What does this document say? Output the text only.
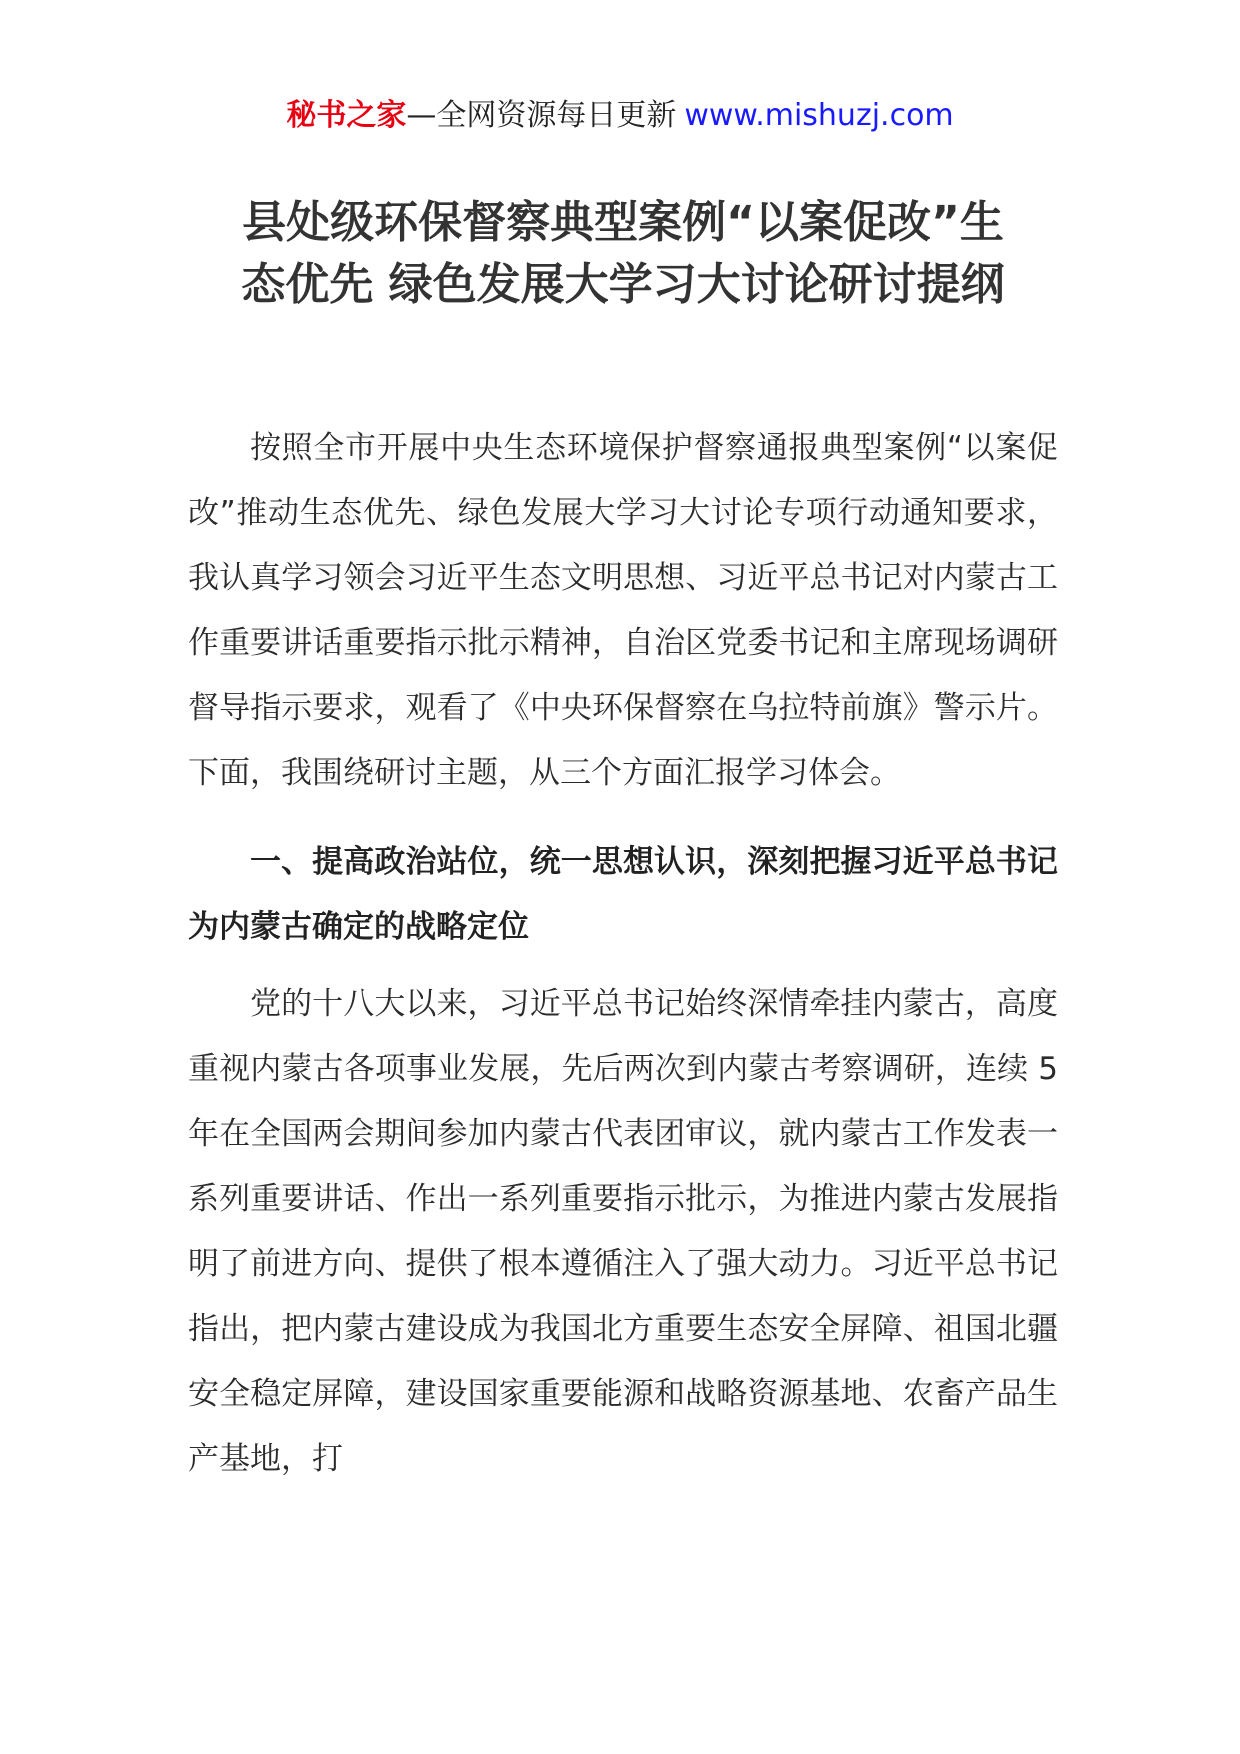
秘书之家—全网资源每日更新 www.mishuzj.com
县处级环保督察典型案例“以案促改”生
态优先 绿色发展大学习大讨论研讨提纲

按照全市开展中央生态环境保护督察通报典型案例“以案促改”推动生态优先、绿色发展大学习大讨论专项行动通知要求，我认真学习领会习近平生态文明思想、习近平总书记对内蒙古工作重要讲话重要指示批示精神，自治区党委书记和主席现场调研督导指示要求，观看了《中央环保督察在乌拉特前旗》警示片。下面，我围绕研讨主题，从三个方面汇报学习体会。

一、提高政治站位，统一思想认识，深刻把握习近平总书记为内蒙古确定的战略定位

党的十八大以来，习近平总书记始终深情牵挂内蒙古，高度重视内蒙古各项事业发展，先后两次到内蒙古考察调研，连续 5 年在全国两会期间参加内蒙古代表团审议，就内蒙古工作发表一系列重要讲话、作出一系列重要指示批示，为推进内蒙古发展指明了前进方向、提供了根本遵循注入了强大动力。习近平总书记指出，把内蒙古建设成为我国北方重要生态安全屏障、祖国北疆安全稳定屏障，建设国家重要能源和战略资源基地、农畜产品生产基地，打
